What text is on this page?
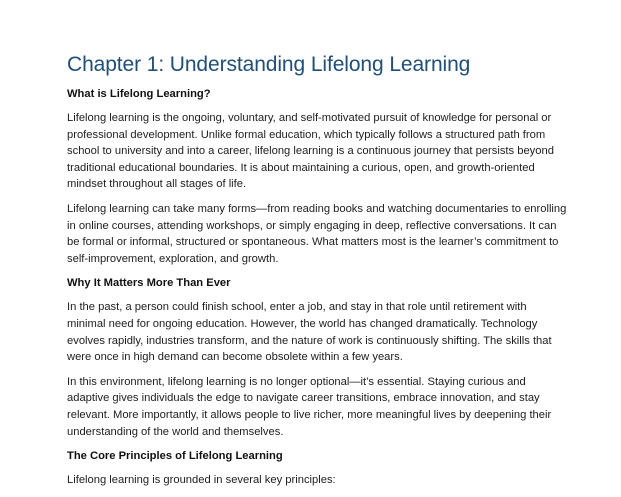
Chapter 1: Understanding Lifelong Learning
What is Lifelong Learning?

Lifelong learning is the ongoing, voluntary, and self-motivated pursuit of knowledge for personal or professional development. Unlike formal education, which typically follows a structured path from school to university and into a career, lifelong learning is a continuous journey that persists beyond traditional educational boundaries. It is about maintaining a curious, open, and growth-oriented mindset throughout all stages of life.

Lifelong learning can take many forms—from reading books and watching documentaries to enrolling in online courses, attending workshops, or simply engaging in deep, reflective conversations. It can be formal or informal, structured or spontaneous. What matters most is the learner’s commitment to self-improvement, exploration, and growth.

Why It Matters More Than Ever

In the past, a person could finish school, enter a job, and stay in that role until retirement with minimal need for ongoing education. However, the world has changed dramatically. Technology evolves rapidly, industries transform, and the nature of work is continuously shifting. The skills that were once in high demand can become obsolete within a few years.

In this environment, lifelong learning is no longer optional—it’s essential. Staying curious and adaptive gives individuals the edge to navigate career transitions, embrace innovation, and stay relevant. More importantly, it allows people to live richer, more meaningful lives by deepening their understanding of the world and themselves.

The Core Principles of Lifelong Learning

Lifelong learning is grounded in several key principles:
